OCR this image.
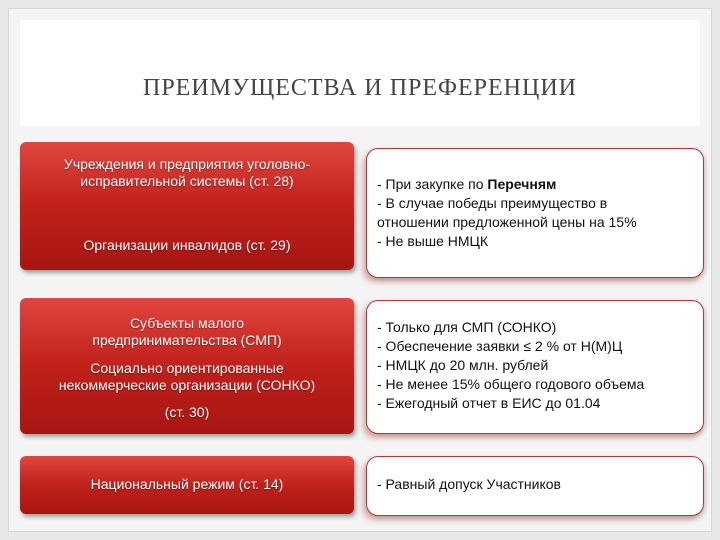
ПРЕИМУЩЕСТВА И ПРЕФЕРЕНЦИИ
Учреждения и предприятия уголовно-
исправительной системы (ст. 28)
Организации инвалидов (ст. 29)
Субъекты малого
предпринимательства (СМП)
Социально ориентированные
некоммерческие организации (СОНКО)
(ст. 30)
Национальный режим (ст. 14)
- При закупке по Перечням
- В случае победы преимущество в
отношении предложенной цены на 15%
- Не выше НМЦК
- Только для СМП (СОНКО)
- Обеспечение заявки ≤ 2 % от Н(М)Ц
- НМЦК до 20 млн. рублей
- Не менее 15% общего годового объема
- Ежегодный отчет в ЕИС до 01.04
- Равный допуск Участников
